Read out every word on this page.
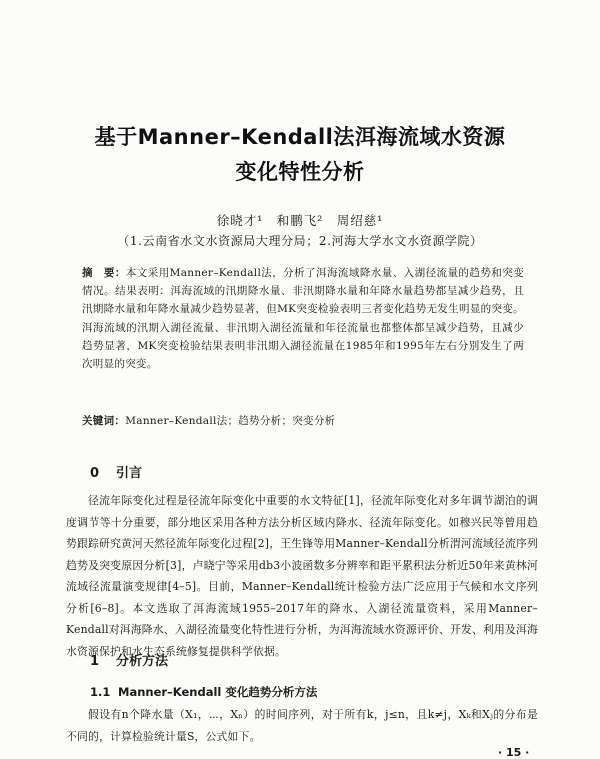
基于Manner–Kendall法洱海流域水资源
变化特性分析
徐晓才¹　和鹏飞²　周绍慈¹
（1.云南省水文水资源局大理分局；2.河海大学水文水资源学院）
摘　要：本文采用Manner–Kendall法，分析了洱海流域降水量、入湖径流量的趋势和突变情况。结果表明：洱海流域的汛期降水量、非汛期降水量和年降水量趋势都呈减少趋势，且汛期降水量和年降水量减少趋势显著，但MK突变检验表明三者变化趋势无发生明显的突变。洱海流域的汛期入湖径流量、非汛期入湖径流量和年径流量也都整体都呈减少趋势，且减少趋势显著，MK突变检验结果表明非汛期入湖径流量在1985年和1995年左右分别发生了两次明显的突变。
关键词：Manner–Kendall法；趋势分析；突变分析
0 引言
径流年际变化过程是径流年际变化中重要的水文特征[1]，径流年际变化对多年调节湖泊的调度调节等十分重要，部分地区采用各种方法分析区域内降水、径流年际变化。如穆兴民等曾用趋势跟踪研究黄河天然径流年际变化过程[2]，王生锋等用Manner–Kendall分析渭河流域径流序列趋势及突变原因分析[3]，卢晓宁等采用db3小波函数多分辨率和距平累积法分析近50年来黄林河流域径流量演变规律[4–5]。目前，Manner–Kendall统计检验方法广泛应用于气候和水文序列分析[6–8]。本文选取了洱海流域1955–2017年的降水、入湖径流量资料，采用Manner–Kendall对洱海降水、入湖径流量变化特性进行分析，为洱海流域水资源评价、开发、利用及洱海水资源保护和水生态系统修复提供科学依据。
1 分析方法
1.1 Manner–Kendall 变化趋势分析方法
假设有n个降水量（X₁，⋯，Xₙ）的时间序列，对于所有k，j≤n，且k≠j，Xₖ和Xⱼ的分布是不同的，计算检验统计量S，公式如下。
· 15 ·
